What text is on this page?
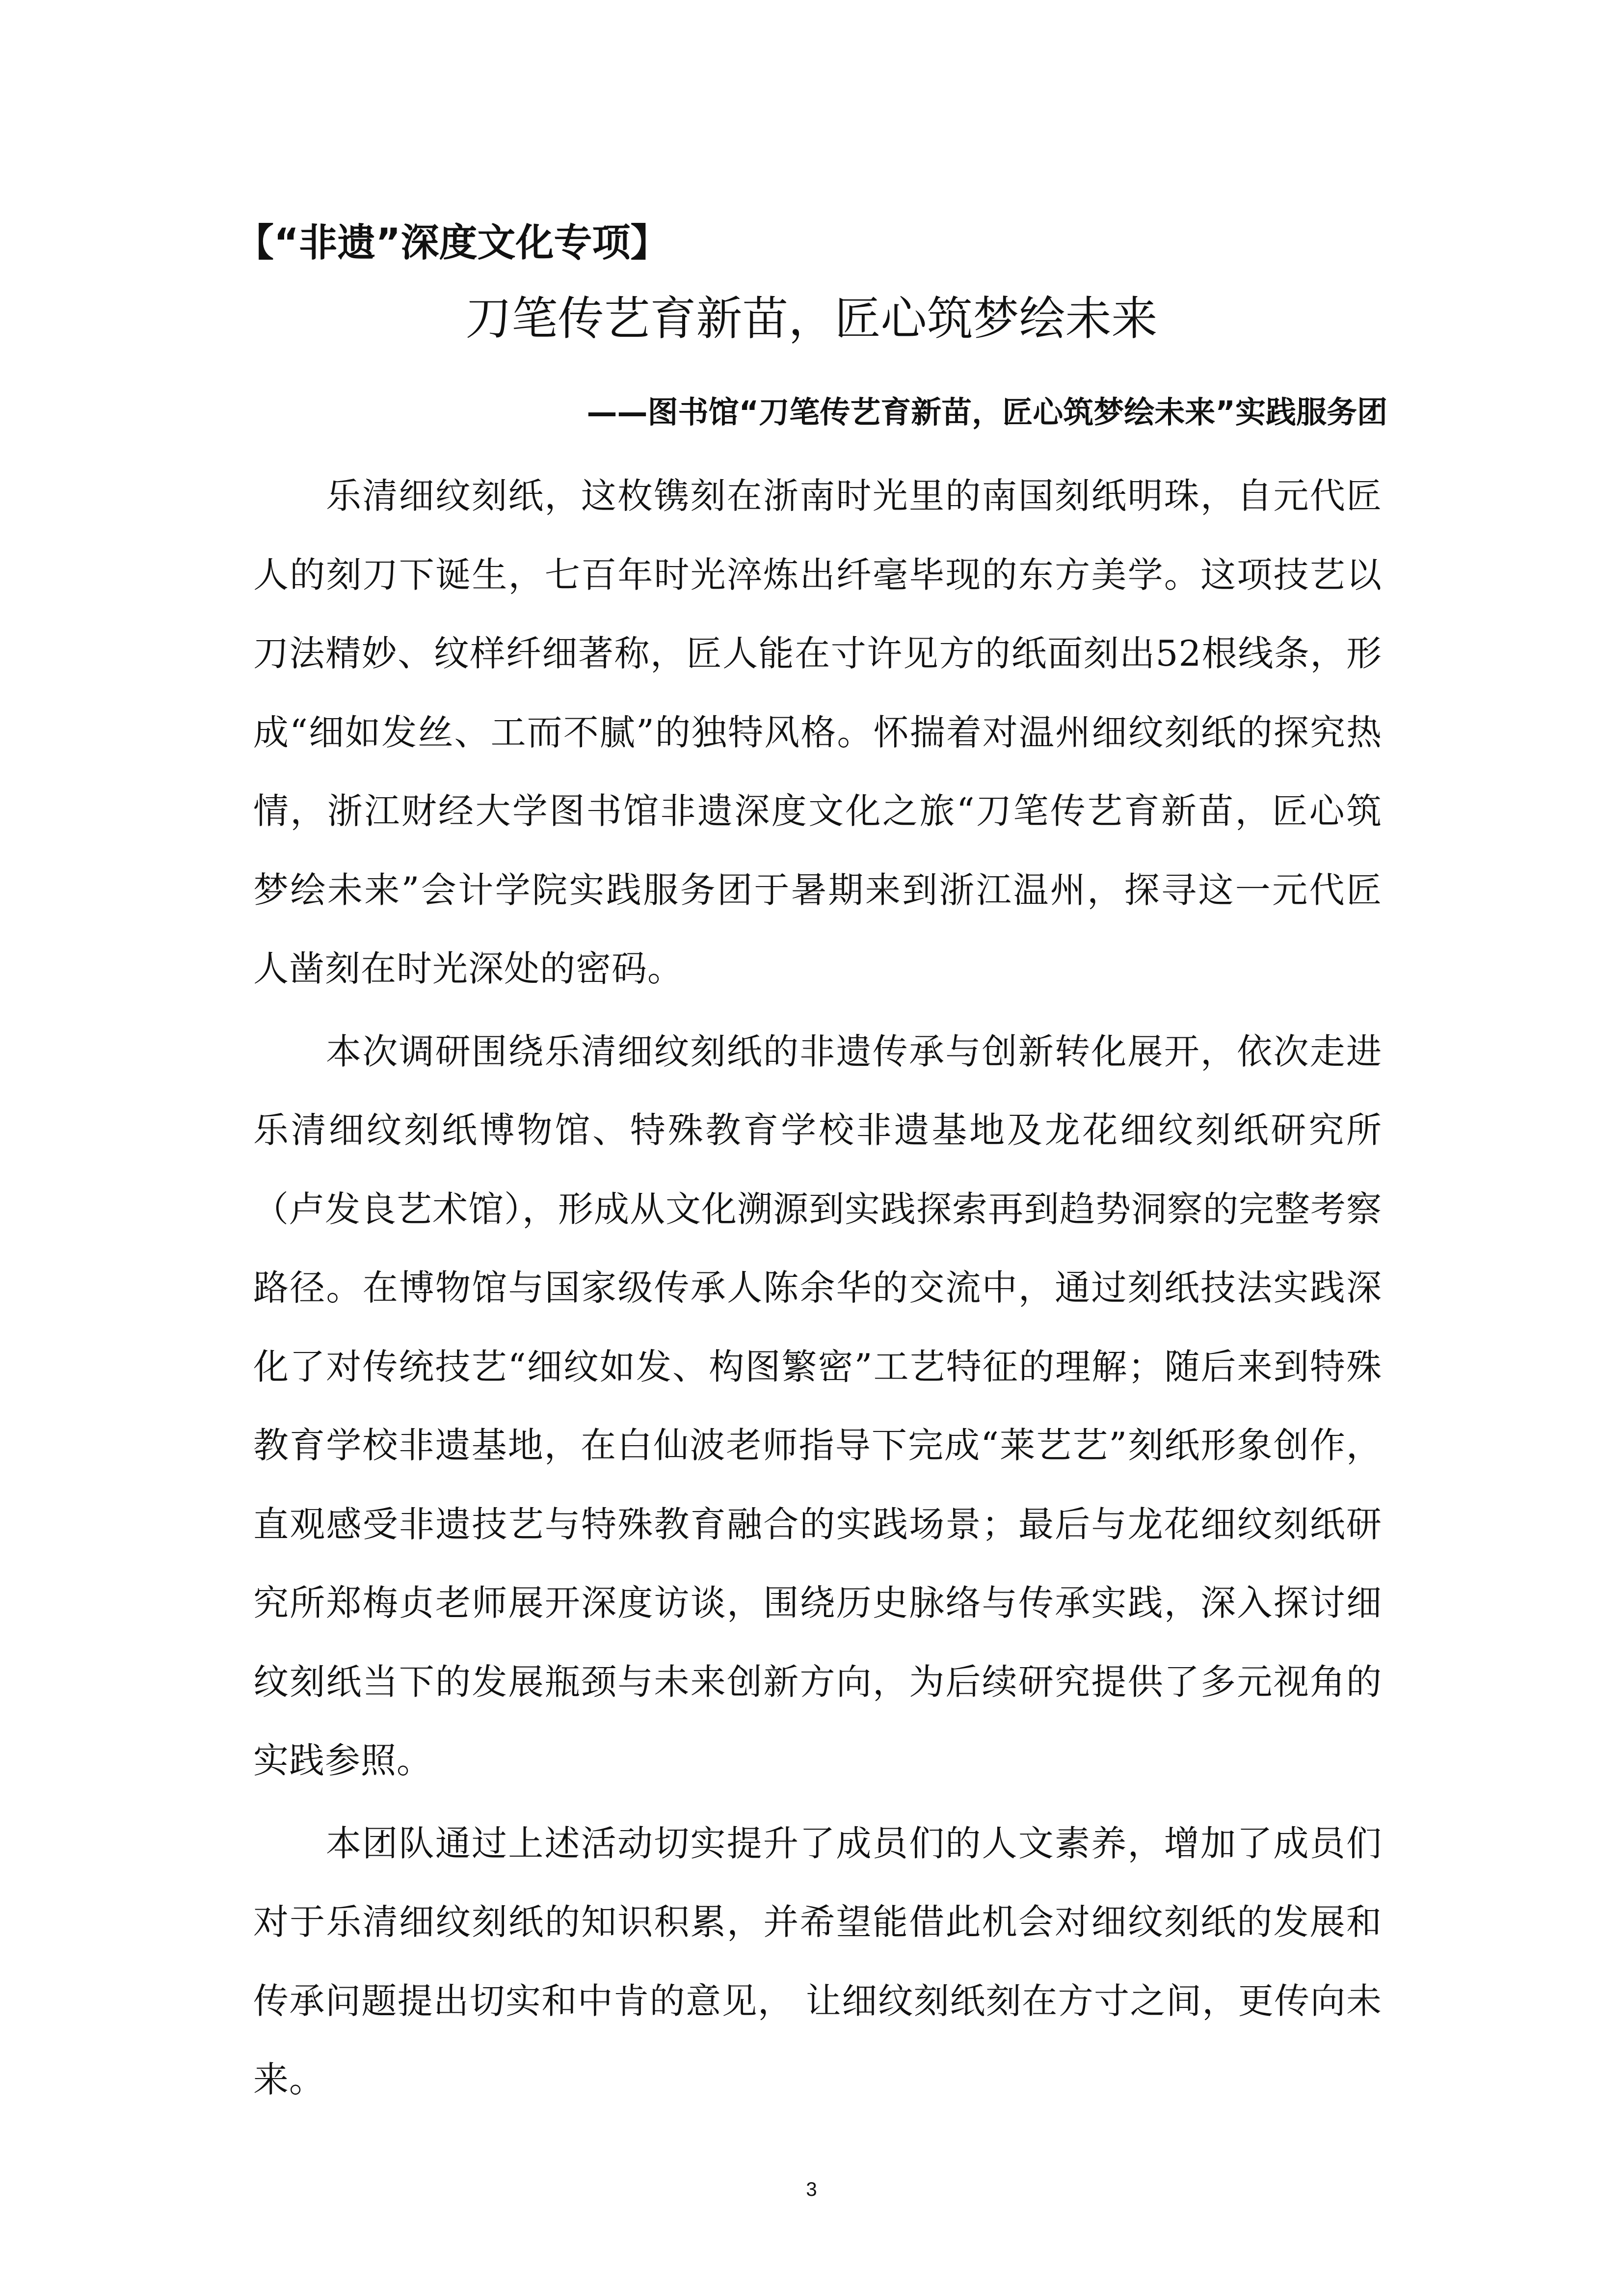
【“非遗”深度文化专项】
刀笔传艺育新苗，匠心筑梦绘未来
——图书馆“刀笔传艺育新苗，匠心筑梦绘未来”实践服务团

乐清细纹刻纸，这枚镌刻在浙南时光里的南国刻纸明珠，自元代匠人的刻刀下诞生，七百年时光淬炼出纤毫毕现的东方美学。这项技艺以刀法精妙、纹样纤细著称，匠人能在寸许见方的纸面刻出52根线条，形成“细如发丝、工而不腻”的独特风格。怀揣着对温州细纹刻纸的探究热情，浙江财经大学图书馆非遗深度文化之旅“刀笔传艺育新苗，匠心筑梦绘未来”会计学院实践服务团于暑期来到浙江温州，探寻这一元代匠人凿刻在时光深处的密码。

本次调研围绕乐清细纹刻纸的非遗传承与创新转化展开，依次走进乐清细纹刻纸博物馆、特殊教育学校非遗基地及龙花细纹刻纸研究所（卢发良艺术馆），形成从文化溯源到实践探索再到趋势洞察的完整考察路径。在博物馆与国家级传承人陈余华的交流中，通过刻纸技法实践深化了对传统技艺“细纹如发、构图繁密”工艺特征的理解；随后来到特殊教育学校非遗基地，在白仙波老师指导下完成“莱艺艺”刻纸形象创作，直观感受非遗技艺与特殊教育融合的实践场景；最后与龙花细纹刻纸研究所郑梅贞老师展开深度访谈，围绕历史脉络与传承实践，深入探讨细纹刻纸当下的发展瓶颈与未来创新方向，为后续研究提供了多元视角的实践参照。

本团队通过上述活动切实提升了成员们的人文素养，增加了成员们对于乐清细纹刻纸的知识积累，并希望能借此机会对细纹刻纸的发展和传承问题提出切实和中肯的意见， 让细纹刻纸刻在方寸之间，更传向未来。

3
